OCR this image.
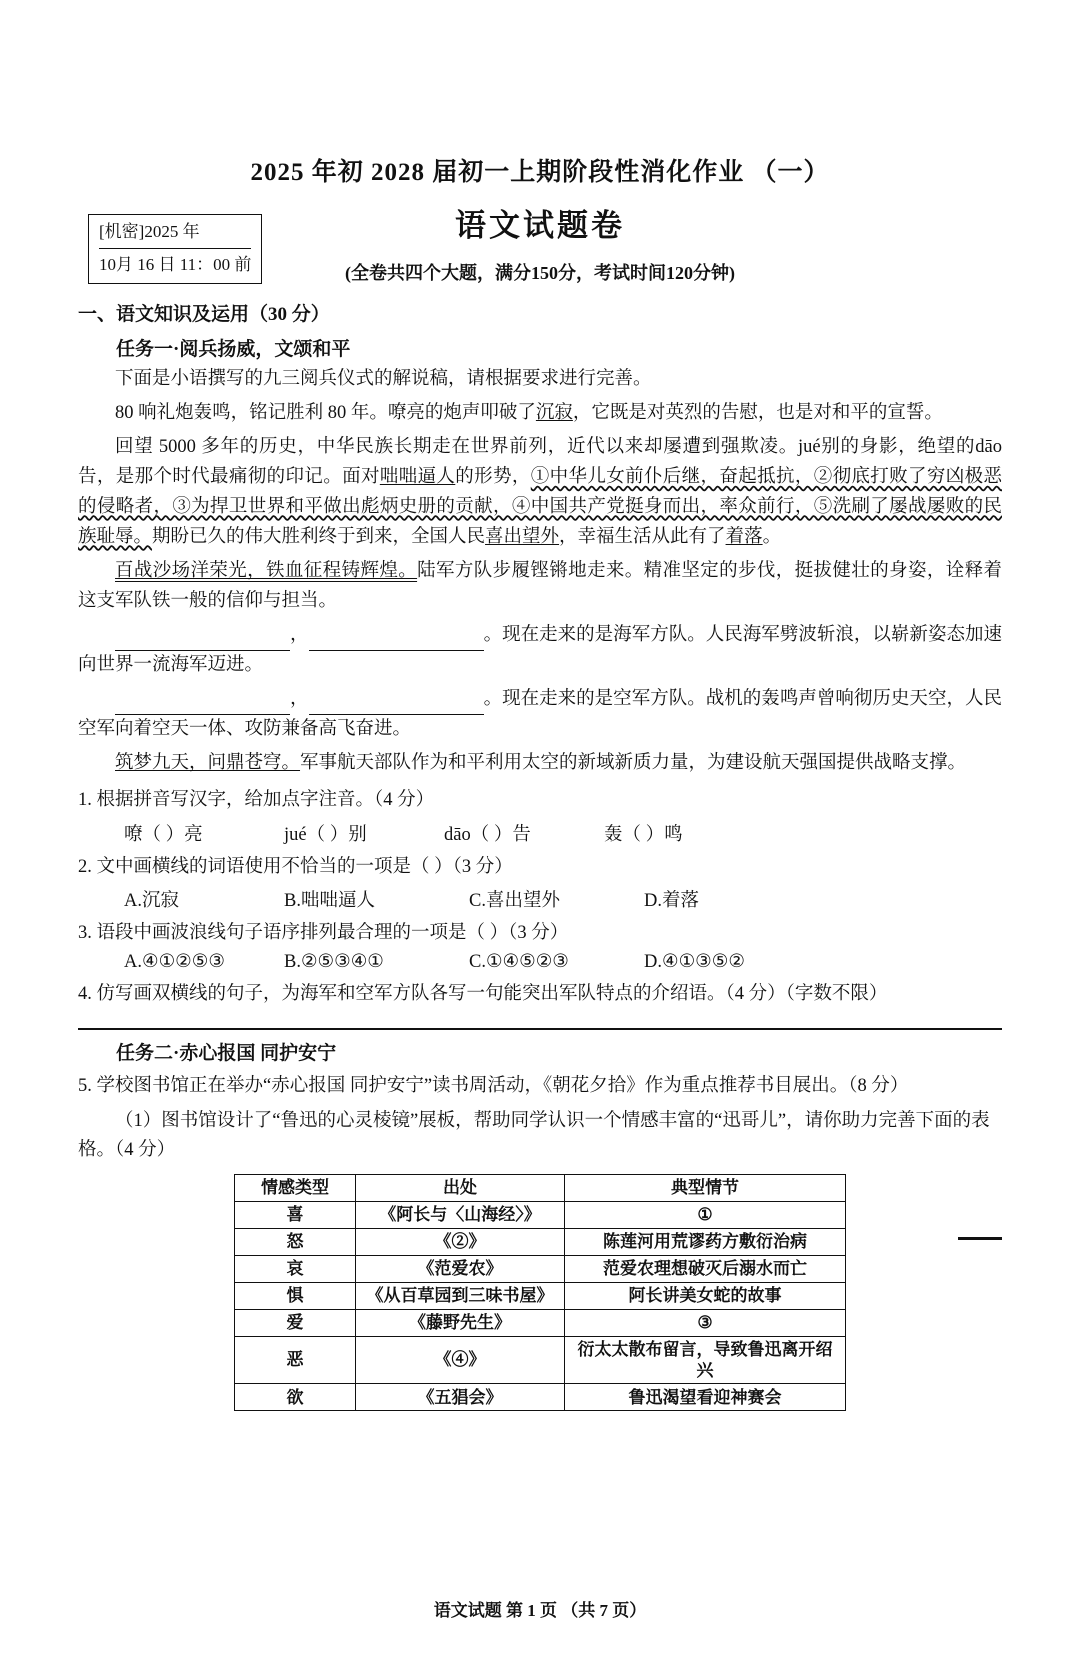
[机密]2025 年
10月 16 日 11：00 前
2025 年初 2028 届初一上期阶段性消化作业 （一）
语文试题卷
(全卷共四个大题，满分150分，考试时间120分钟)
一、语文知识及运用（30 分）
任务一·阅兵扬威，文颂和平

下面是小语撰写的九三阅兵仪式的解说稿，请根据要求进行完善。

80 响礼炮轰鸣，铭记胜利 80 年。嘹亮的炮声叩破了沉寂，它既是对英烈的告慰，也是对和平的宣誓。

回望 5000 多年的历史，中华民族长期走在世界前列，近代以来却屡遭到强欺凌。jué别的身影，绝望的dāo告，是那个时代最痛彻的印记。面对咄咄逼人的形势，①中华儿女前仆后继，奋起抵抗，②彻底打败了穷凶极恶的侵略者，③为捍卫世界和平做出彪炳史册的贡献，④中国共产党挺身而出，率众前行，⑤洗刷了屡战屡败的民族耻辱。期盼已久的伟大胜利终于到来，全国人民喜出望外，幸福生活从此有了着落。

百战沙场洋荣光，铁血征程铸辉煌。陆军方队步履铿锵地走来。精准坚定的步伐，挺拔健壮的身姿，诠释着这支军队铁一般的信仰与担当。

，	。现在走来的是海军方队。人民海军劈波斩浪，以崭新姿态加速向世界一流海军迈进。

，	。现在走来的是空军方队。战机的轰鸣声曾响彻历史天空，人民空军向着空天一体、攻防兼备高飞奋进。

筑梦九天，问鼎苍穹。军事航天部队作为和平利用太空的新域新质力量，为建设航天强国提供战略支撑。

1. 根据拼音写汉字，给加点字注音。（4 分）

嘹（ ）亮	jué（ ）别	dāo（ ）告	轰（ ）鸣

2. 文中画横线的词语使用不恰当的一项是（ ）（3 分）

A.沉寂	B.咄咄逼人	C.喜出望外	D.着落

3. 语段中画波浪线句子语序排列最合理的一项是（ ）（3 分）

A.④①②⑤③	B.②⑤③④①	C.①④⑤②③	D.④①③⑤②

4. 仿写画双横线的句子，为海军和空军方队各写一句能突出军队特点的介绍语。（4 分）（字数不限）

任务二·赤心报国 同护安宁

5. 学校图书馆正在举办“赤心报国 同护安宁”读书周活动，《朝花夕拾》作为重点推荐书目展出。（8 分）

（1）图书馆设计了“鲁迅的心灵棱镜”展板，帮助同学认识一个情感丰富的“迅哥儿”，请你助力完善下面的表格。（4 分）

情感类型	出处	典型情节
喜	《阿长与〈山海经〉》	①
怒	《②》	陈莲河用荒谬药方敷衍治病
哀	《范爱农》	范爱农理想破灭后溺水而亡
惧	《从百草园到三味书屋》	阿长讲美女蛇的故事
爱	《藤野先生》	③
恶	《④》	衍太太散布留言，导致鲁迅离开绍兴
欲	《五猖会》	鲁迅渴望看迎神赛会
语文试题 第 1 页 （共 7 页）
